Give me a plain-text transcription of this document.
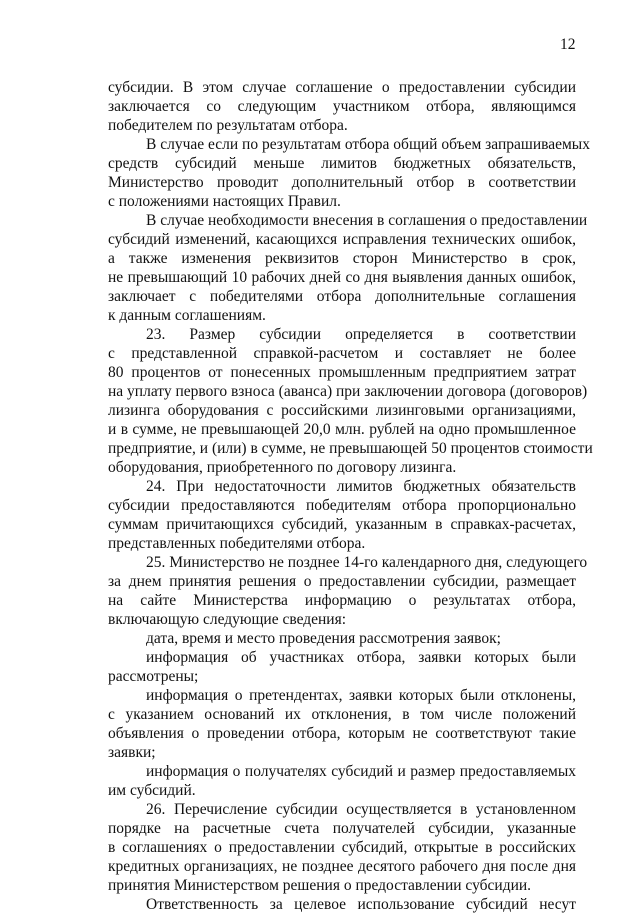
12
субсидии. В этом случае соглашение о предоставлении субсидии
заключается со следующим участником отбора, являющимся
победителем по результатам отбора.
В случае если по результатам отбора общий объем запрашиваемых
средств субсидий меньше лимитов бюджетных обязательств,
Министерство проводит дополнительный отбор в соответствии
с положениями настоящих Правил.
В случае необходимости внесения в соглашения о предоставлении
субсидий изменений, касающихся исправления технических ошибок,
а также изменения реквизитов сторон Министерство в срок,
не превышающий 10 рабочих дней со дня выявления данных ошибок,
заключает с победителями отбора дополнительные соглашения
к данным соглашениям.
23. Размер субсидии определяется в соответствии
с представленной справкой-расчетом и составляет не более
80 процентов от понесенных промышленным предприятием затрат
на уплату первого взноса (аванса) при заключении договора (договоров)
лизинга оборудования с российскими лизинговыми организациями,
и в сумме, не превышающей 20,0 млн. рублей на одно промышленное
предприятие, и (или) в сумме, не превышающей 50 процентов стоимости
оборудования, приобретенного по договору лизинга.
24. При недостаточности лимитов бюджетных обязательств
субсидии предоставляются победителям отбора пропорционально
суммам причитающихся субсидий, указанным в справках-расчетах,
представленных победителями отбора.
25. Министерство не позднее 14-го календарного дня, следующего
за днем принятия решения о предоставлении субсидии, размещает
на сайте Министерства информацию о результатах отбора,
включающую следующие сведения:
дата, время и место проведения рассмотрения заявок;
информация об участниках отбора, заявки которых были
рассмотрены;
информация о претендентах, заявки которых были отклонены,
с указанием оснований их отклонения, в том числе положений
объявления о проведении отбора, которым не соответствуют такие
заявки;
информация о получателях субсидий и размер предоставляемых
им субсидий.
26. Перечисление субсидии осуществляется в установленном
порядке на расчетные счета получателей субсидии, указанные
в соглашениях о предоставлении субсидий, открытые в российских
кредитных организациях, не позднее десятого рабочего дня после дня
принятия Министерством решения о предоставлении субсидии.
Ответственность за целевое использование субсидий несут
